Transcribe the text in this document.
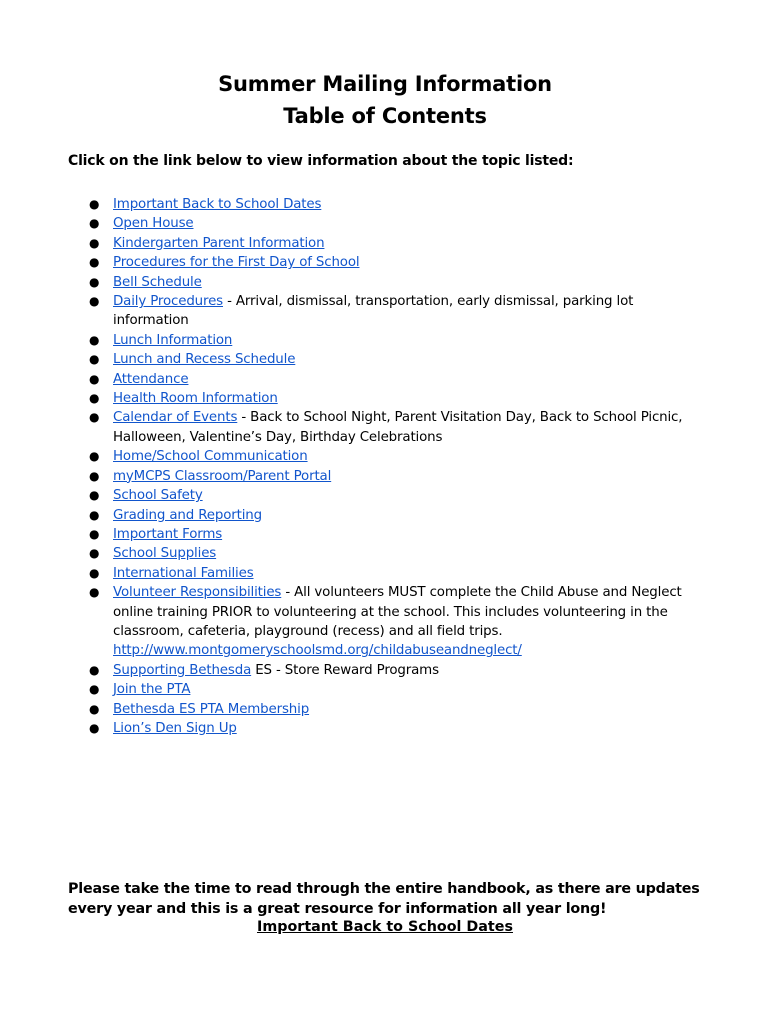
Summer Mailing Information
Table of Contents
Click on the link below to view information about the topic listed:
● Important Back to School Dates
● Open House
● Kindergarten Parent Information
● Procedures for the First Day of School
● Bell Schedule
● Daily Procedures - Arrival, dismissal, transportation, early dismissal, parking lot information
● Lunch Information
● Lunch and Recess Schedule
● Attendance
● Health Room Information
● Calendar of Events - Back to School Night, Parent Visitation Day, Back to School Picnic, Halloween, Valentine’s Day, Birthday Celebrations
● Home/School Communication
● myMCPS Classroom/Parent Portal
● School Safety
● Grading and Reporting
● Important Forms
● School Supplies
● International Families
● Volunteer Responsibilities - All volunteers MUST complete the Child Abuse and Neglect online training PRIOR to volunteering at the school. This includes volunteering in the classroom, cafeteria, playground (recess) and all field trips. http://www.montgomeryschoolsmd.org/childabuseandneglect/
● Supporting Bethesda ES - Store Reward Programs
● Join the PTA
● Bethesda ES PTA Membership
● Lion’s Den Sign Up
Please take the time to read through the entire handbook, as there are updates every year and this is a great resource for information all year long!
Important Back to School Dates
